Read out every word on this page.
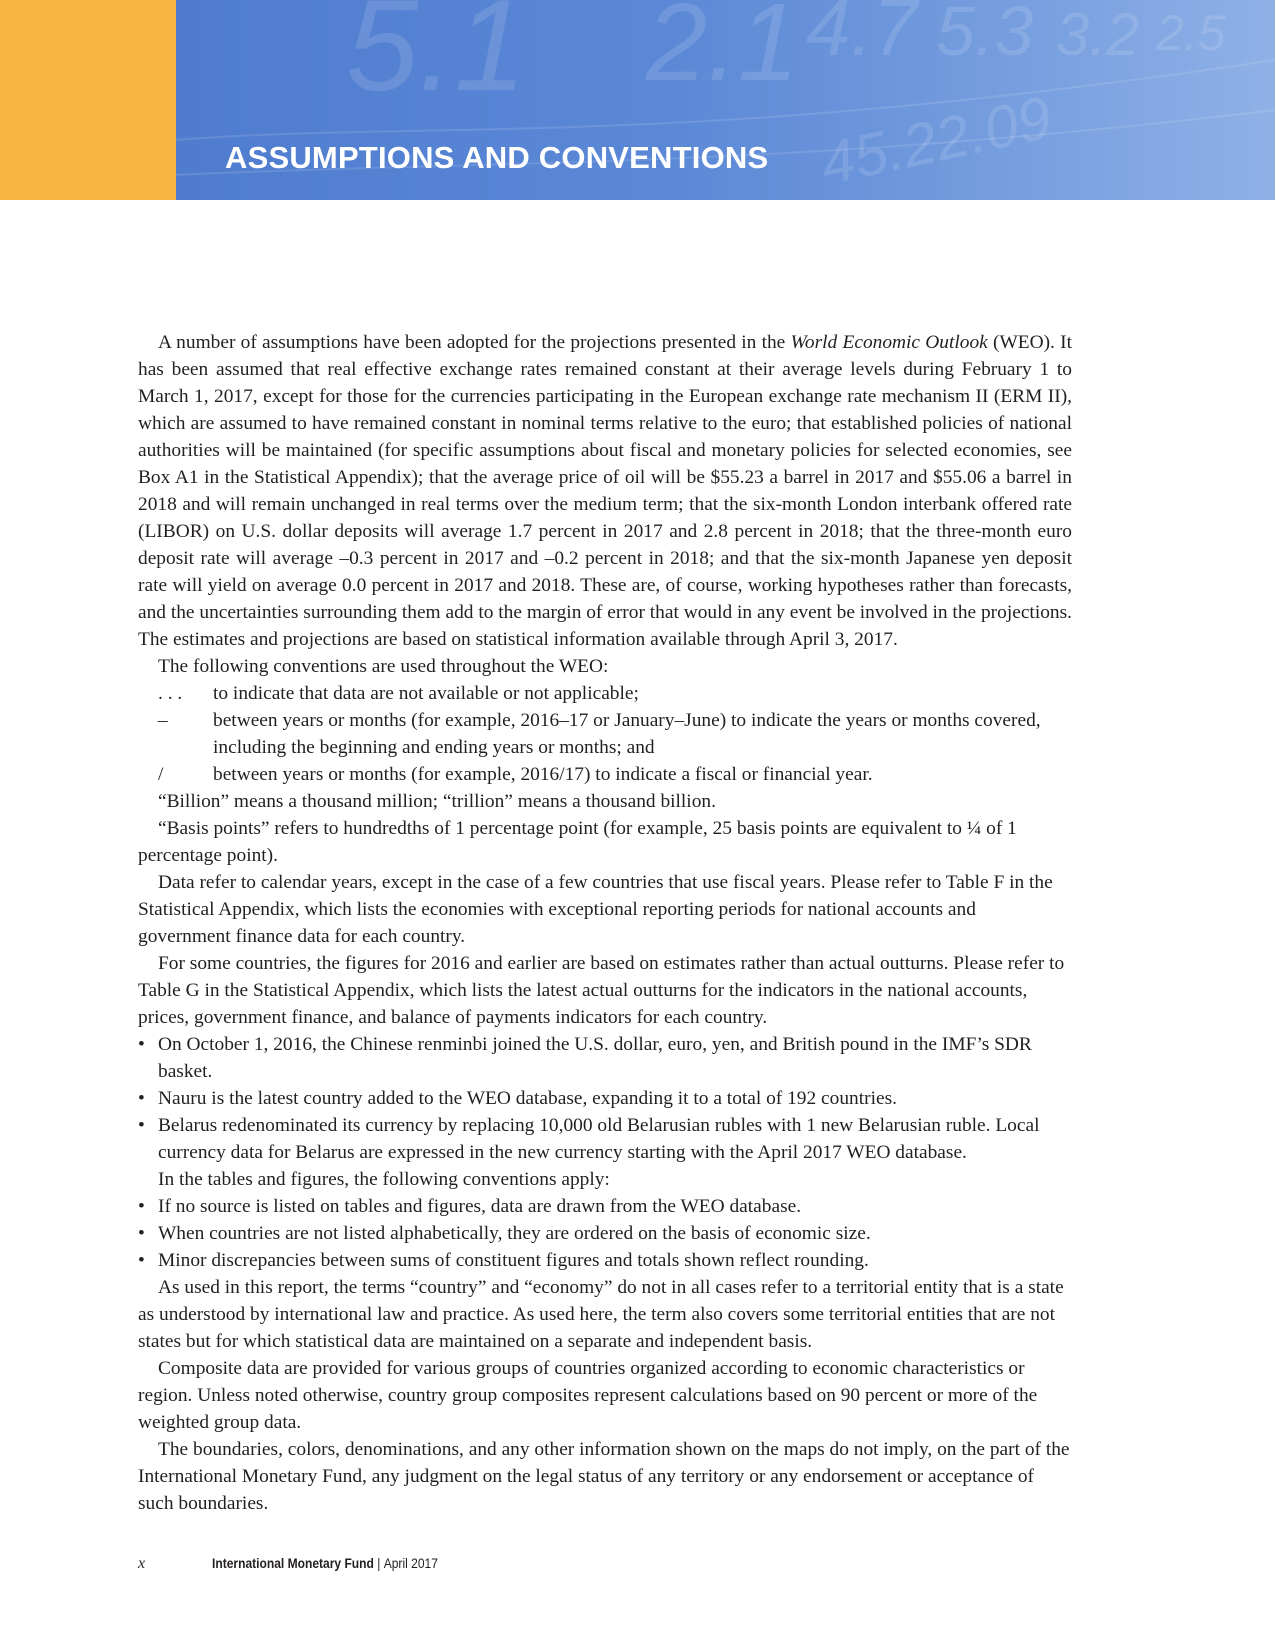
5.1 2.1 4.7 5.3 3.2 2.5
45.22.09
ASSUMPTIONS AND CONVENTIONS

A number of assumptions have been adopted for the projections presented in the World Economic Outlook (WEO). It has been assumed that real effective exchange rates remained constant at their average levels during February 1 to March 1, 2017, except for those for the currencies participating in the European exchange rate mechanism II (ERM II), which are assumed to have remained constant in nominal terms relative to the euro; that established policies of national authorities will be maintained (for specific assumptions about fiscal and monetary policies for selected economies, see Box A1 in the Statistical Appendix); that the average price of oil will be $55.23 a barrel in 2017 and $55.06 a barrel in 2018 and will remain unchanged in real terms over the medium term; that the six-month London interbank offered rate (LIBOR) on U.S. dollar deposits will average 1.7 percent in 2017 and 2.8 percent in 2018; that the three-month euro deposit rate will average –0.3 percent in 2017 and –0.2 percent in 2018; and that the six-month Japanese yen deposit rate will yield on average 0.0 percent in 2017 and 2018. These are, of course, working hypotheses rather than forecasts, and the uncertainties surrounding them add to the margin of error that would in any event be involved in the projections. The estimates and projections are based on statistical information available through April 3, 2017.

The following conventions are used throughout the WEO:

. . . to indicate that data are not available or not applicable;
– between years or months (for example, 2016–17 or January–June) to indicate the years or months covered, including the beginning and ending years or months; and
/	between years or months (for example, 2016/17) to indicate a fiscal or financial year.

“Billion” means a thousand million; “trillion” means a thousand billion.

“Basis points” refers to hundredths of 1 percentage point (for example, 25 basis points are equivalent to ¼ of 1 percentage point).

Data refer to calendar years, except in the case of a few countries that use fiscal years. Please refer to Table F in the Statistical Appendix, which lists the economies with exceptional reporting periods for national accounts and government finance data for each country.

For some countries, the figures for 2016 and earlier are based on estimates rather than actual outturns. Please refer to Table G in the Statistical Appendix, which lists the latest actual outturns for the indicators in the national accounts, prices, government finance, and balance of payments indicators for each country.

• On October 1, 2016, the Chinese renminbi joined the U.S. dollar, euro, yen, and British pound in the IMF’s SDR basket.
• Nauru is the latest country added to the WEO database, expanding it to a total of 192 countries.
• Belarus redenominated its currency by replacing 10,000 old Belarusian rubles with 1 new Belarusian ruble. Local currency data for Belarus are expressed in the new currency starting with the April 2017 WEO database.

In the tables and figures, the following conventions apply:

• If no source is listed on tables and figures, data are drawn from the WEO database.
• When countries are not listed alphabetically, they are ordered on the basis of economic size.
• Minor discrepancies between sums of constituent figures and totals shown reflect rounding.

As used in this report, the terms “country” and “economy” do not in all cases refer to a territorial entity that is a state as understood by international law and practice. As used here, the term also covers some territorial entities that are not states but for which statistical data are maintained on a separate and independent basis.

Composite data are provided for various groups of countries organized according to economic characteristics or region. Unless noted otherwise, country group composites represent calculations based on 90 percent or more of the weighted group data.

The boundaries, colors, denominations, and any other information shown on the maps do not imply, on the part of the International Monetary Fund, any judgment on the legal status of any territory or any endorsement or acceptance of such boundaries.

x	International Monetary Fund | April 2017
